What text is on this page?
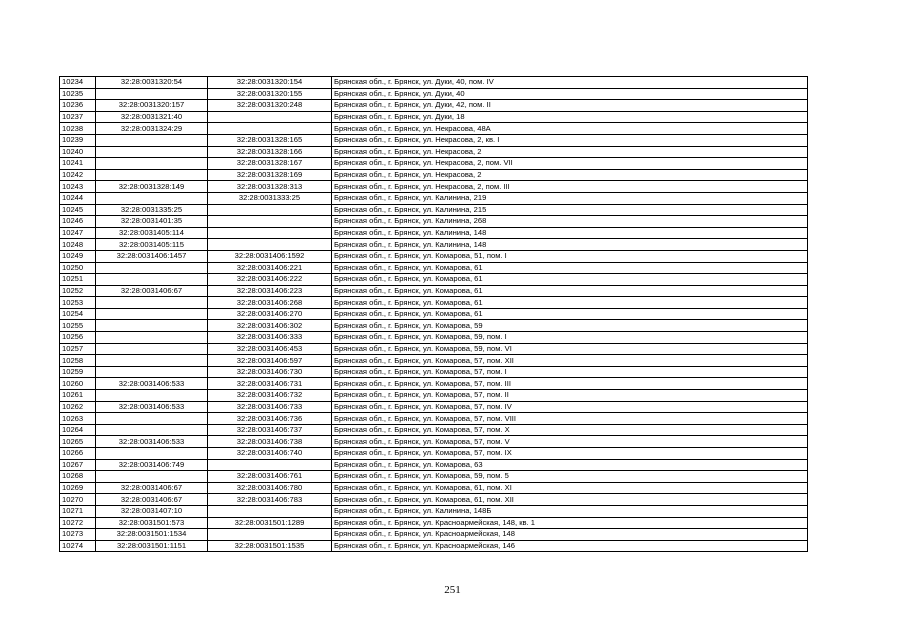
10234	32:28:0031320:54	32:28:0031320:154	Брянская обл., г. Брянск, ул. Дуки, 40, пом. IV
10235		32:28:0031320:155	Брянская обл., г. Брянск, ул. Дуки, 40
10236	32:28:0031320:157	32:28:0031320:248	Брянская обл., г. Брянск, ул. Дуки, 42, пом. II
10237	32:28:0031321:40		Брянская обл., г. Брянск, ул. Дуки, 18
10238	32:28:0031324:29		Брянская обл., г. Брянск, ул. Некрасова, 48А
10239		32:28:0031328:165	Брянская обл., г. Брянск, ул. Некрасова, 2, кв. I
10240		32:28:0031328:166	Брянская обл., г. Брянск, ул. Некрасова, 2
10241		32:28:0031328:167	Брянская обл., г. Брянск, ул. Некрасова, 2, пом. VII
10242		32:28:0031328:169	Брянская обл., г. Брянск, ул. Некрасова, 2
10243	32:28:0031328:149	32:28:0031328:313	Брянская обл., г. Брянск, ул. Некрасова, 2, пом. III
10244		32:28:0031333:25	Брянская обл., г. Брянск, ул. Калинина, 219
10245	32:28:0031335:25		Брянская обл., г. Брянск, ул. Калинина, 215
10246	32:28:0031401:35		Брянская обл., г. Брянск, ул. Калинина, 268
10247	32:28:0031405:114		Брянская обл., г. Брянск, ул. Калинина, 148
10248	32:28:0031405:115		Брянская обл., г. Брянск, ул. Калинина, 148
10249	32:28:0031406:1457	32:28:0031406:1592	Брянская обл., г. Брянск, ул. Комарова, 51, пом. I
10250		32:28:0031406:221	Брянская обл., г. Брянск, ул. Комарова, 61
10251		32:28:0031406:222	Брянская обл., г. Брянск, ул. Комарова, 61
10252	32:28:0031406:67	32:28:0031406:223	Брянская обл., г. Брянск, ул. Комарова, 61
10253		32:28:0031406:268	Брянская обл., г. Брянск, ул. Комарова, 61
10254		32:28:0031406:270	Брянская обл., г. Брянск, ул. Комарова, 61
10255		32:28:0031406:302	Брянская обл., г. Брянск, ул. Комарова, 59
10256		32:28:0031406:333	Брянская обл., г. Брянск, ул. Комарова, 59, пом. I
10257		32:28:0031406:453	Брянская обл., г. Брянск, ул. Комарова, 59, пом. VI
10258		32:28:0031406:597	Брянская обл., г. Брянск, ул. Комарова, 57, пом. XII
10259		32:28:0031406:730	Брянская обл., г. Брянск, ул. Комарова, 57, пом. I
10260	32:28:0031406:533	32:28:0031406:731	Брянская обл., г. Брянск, ул. Комарова, 57, пом. III
10261		32:28:0031406:732	Брянская обл., г. Брянск, ул. Комарова, 57, пом. II
10262	32:28:0031406:533	32:28:0031406:733	Брянская обл., г. Брянск, ул. Комарова, 57, пом. IV
10263		32:28:0031406:736	Брянская обл., г. Брянск, ул. Комарова, 57, пом. VIII
10264		32:28:0031406:737	Брянская обл., г. Брянск, ул. Комарова, 57, пом. X
10265	32:28:0031406:533	32:28:0031406:738	Брянская обл., г. Брянск, ул. Комарова, 57, пом. V
10266		32:28:0031406:740	Брянская обл., г. Брянск, ул. Комарова, 57, пом. IX
10267	32:28:0031406:749		Брянская обл., г. Брянск, ул. Комарова, 63
10268		32:28:0031406:761	Брянская обл., г. Брянск, ул. Комарова, 59, пом. 5
10269	32:28:0031406:67	32:28:0031406:780	Брянская обл., г. Брянск, ул. Комарова, 61, пом. XI
10270	32:28:0031406:67	32:28:0031406:783	Брянская обл., г. Брянск, ул. Комарова, 61, пом. XII
10271	32:28:0031407:10		Брянская обл., г. Брянск, ул. Калинина, 148Б
10272	32:28:0031501:573	32:28:0031501:1289	Брянская обл., г. Брянск, ул. Красноармейская, 148, кв. 1
10273	32:28:0031501:1534		Брянская обл., г. Брянск, ул. Красноармейская, 148
10274	32:28:0031501:1151	32:28:0031501:1535	Брянская обл., г. Брянск, ул. Красноармейская, 146
251
